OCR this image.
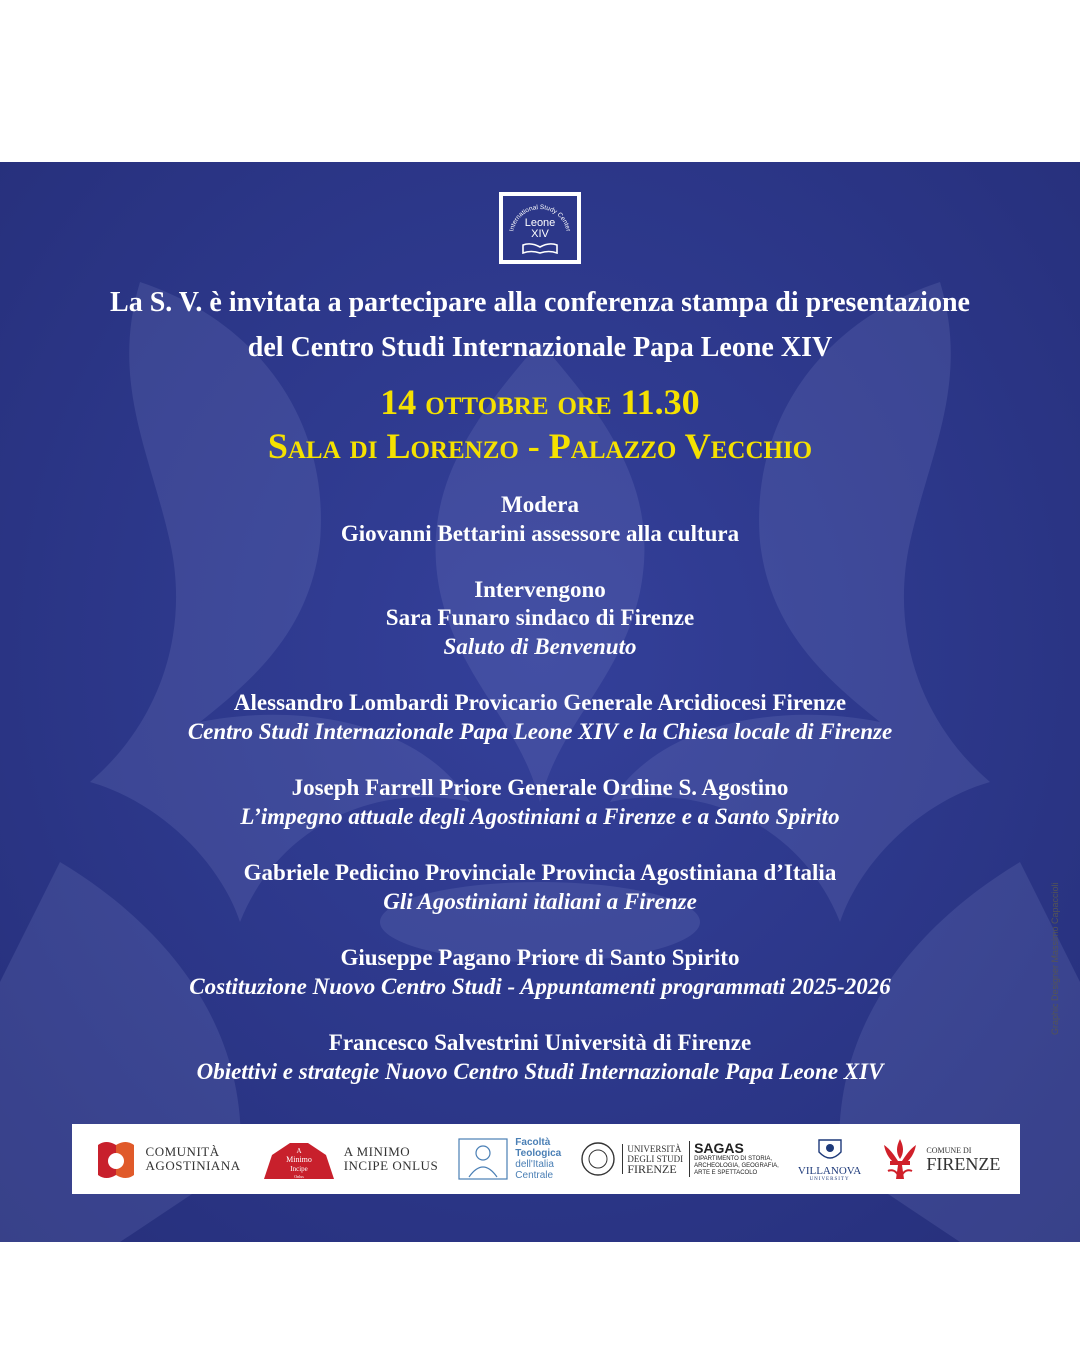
International Study Center
Leone
XIV
La S. V. è invitata a partecipare alla conferenza stampa di presentazione
del Centro Studi Internazionale Papa Leone XIV
14 ottobre ore 11.30
Sala di Lorenzo - Palazzo Vecchio
Modera
Giovanni Bettarini assessore alla cultura
Intervengono
Sara Funaro sindaco di Firenze
Saluto di Benvenuto
Alessandro Lombardi Provicario Generale Arcidiocesi Firenze
Centro Studi Internazionale Papa Leone XIV e la Chiesa locale di Firenze
Joseph Farrell Priore Generale Ordine S. Agostino
L’impegno attuale degli Agostiniani a Firenze e a Santo Spirito
Gabriele Pedicino Provinciale Provincia Agostiniana d’Italia
Gli Agostiniani italiani a Firenze
Giuseppe Pagano Priore di Santo Spirito
Costituzione Nuovo Centro Studi - Appuntamenti programmati 2025-2026
Francesco Salvestrini Università di Firenze
Obiettivi e strategie Nuovo Centro Studi Internazionale Papa Leone XIV
COMUNITÀ
AGOSTINIANA
A
Minimo
Incipe
Onlus
A MINIMO
INCIPE ONLUS
Facoltà
Teologica
dell'Italia
Centrale
UNIVERSITÀ
DEGLI STUDI
FIRENZE
SAGAS
DIPARTIMENTO DI STORIA,
ARCHEOLOGIA, GEOGRAFIA,
ARTE E SPETTACOLO	VILLANOVA
UNIVERSITY
COMUNE DI
FIRENZE
Graphic Designer Massimo Capaccioli
